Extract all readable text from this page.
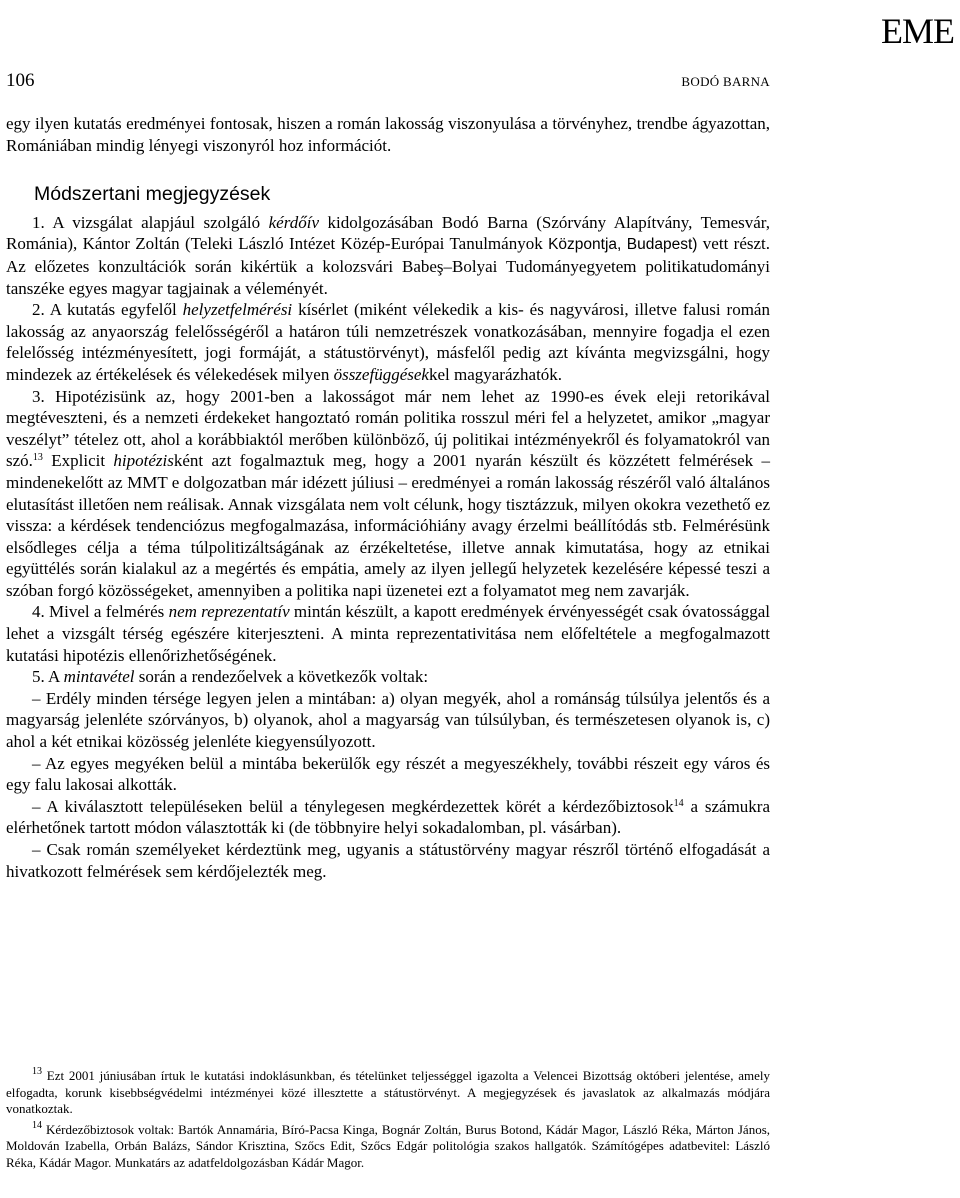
EME
106	BODÓ BARNA

egy ilyen kutatás eredményei fontosak, hiszen a román lakosság viszonyulása a törvényhez, trendbe ágyazottan, Romániában mindig lényegi viszonyról hoz információt.

Módszertani megjegyzések

1. A vizsgálat alapjául szolgáló kérdőív kidolgozásában Bodó Barna (Szórvány Alapítvány, Temesvár, Románia), Kántor Zoltán (Teleki László Intézet Közép-Európai Tanulmányok Központja, Budapest) vett részt. Az előzetes konzultációk során kikértük a kolozsvári Babeş–Bolyai Tudományegyetem politikatudományi tanszéke egyes magyar tagjainak a véleményét.

2. A kutatás egyfelől helyzetfelmérési kísérlet (miként vélekedik a kis- és nagyvárosi, illetve falusi román lakosság az anyaország felelősségéről a határon túli nemzetrészek vonatkozásában, mennyire fogadja el ezen felelősség intézményesített, jogi formáját, a státustörvényt), másfelől pedig azt kívánta megvizsgálni, hogy mindezek az értékelések és vélekedések milyen összefüggésekkel magyarázhatók.

3. Hipotézisünk az, hogy 2001-ben a lakosságot már nem lehet az 1990-es évek eleji retorikával megtéveszteni, és a nemzeti érdekeket hangoztató román politika rosszul méri fel a helyzetet, amikor „magyar veszélyt” tételez ott, ahol a korábbiaktól merőben különböző, új politikai intézményekről és folyamatokról van szó.$^{13}$ Explicit hipotézisként azt fogalmaztuk meg, hogy a 2001 nyarán készült és közzétett felmérések – mindenekelőtt az MMT e dolgozatban már idézett júliusi – eredményei a román lakosság részéről való általános elutasítást illetően nem reálisak. Annak vizsgálata nem volt célunk, hogy tisztázzuk, milyen okokra vezethető ez vissza: a kérdések tendenciózus megfogalmazása, információhiány avagy érzelmi beállítódás stb. Felmérésünk elsődleges célja a téma túlpolitizáltságának az érzékeltetése, illetve annak kimutatása, hogy az etnikai együttélés során kialakul az a megértés és empátia, amely az ilyen jellegű helyzetek kezelésére képessé teszi a szóban forgó közösségeket, amennyiben a politika napi üzenetei ezt a folyamatot meg nem zavarják.

4. Mivel a felmérés nem reprezentatív mintán készült, a kapott eredmények érvényességét csak óvatossággal lehet a vizsgált térség egészére kiterjeszteni. A minta reprezentativitása nem előfeltétele a megfogalmazott kutatási hipotézis ellenőrizhetőségének.

5. A mintavétel során a rendezőelvek a következők voltak:

– Erdély minden térsége legyen jelen a mintában: a) olyan megyék, ahol a románság túlsúlya jelentős és a magyarság jelenléte szórványos, b) olyanok, ahol a magyarság van túlsúlyban, és természetesen olyanok is, c) ahol a két etnikai közösség jelenléte kiegyensúlyozott.

– Az egyes megyéken belül a mintába bekerülők egy részét a megyeszékhely, további részeit egy város és egy falu lakosai alkották.

– A kiválasztott településeken belül a ténylegesen megkérdezettek körét a kérdezőbiztosok$^{14}$ a számukra elérhetőnek tartott módon választották ki (de többnyire helyi sokadalomban, pl. vásárban).

– Csak román személyeket kérdeztünk meg, ugyanis a státustörvény magyar részről történő elfogadását a hivatkozott felmérések sem kérdőjelezték meg.

$^{13}$ Ezt 2001 júniusában írtuk le kutatási indoklásunkban, és tételünket teljességgel igazolta a Velencei Bizottság októberi jelentése, amely elfogadta, korunk kisebbségvédelmi intézményei közé illesztette a státustörvényt. A megjegyzések és javaslatok az alkalmazás módjára vonatkoztak.

$^{14}$ Kérdezőbiztosok voltak: Bartók Annamária, Bíró-Pacsa Kinga, Bognár Zoltán, Burus Botond, Kádár Magor, László Réka, Márton János, Moldován Izabella, Orbán Balázs, Sándor Krisztina, Szőcs Edit, Szőcs Edgár politológia szakos hallgatók. Számítógépes adatbevitel: László Réka, Kádár Magor. Munkatárs az adatfeldolgozásban Kádár Magor.
